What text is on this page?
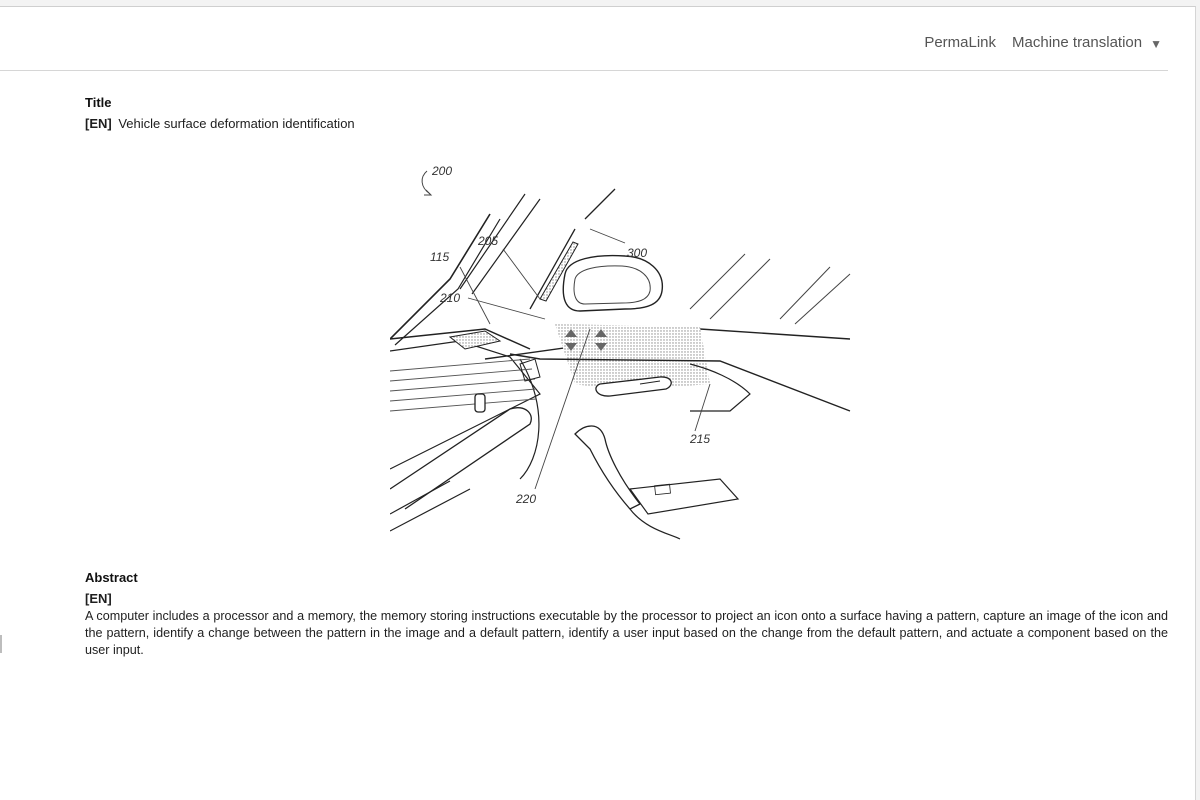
PermaLink Machine translation ▼
Title
[EN] Vehicle surface deformation identification
200
205
115	300
210
215
220
Abstract
[EN]
A computer includes a processor and a memory, the memory storing instructions executable by the processor to project an icon onto a surface having a pattern, capture an image of the icon and the pattern, identify a change between the pattern in the image and a default pattern, identify a user input based on the change from the default pattern, and actuate a component based on the user input.
